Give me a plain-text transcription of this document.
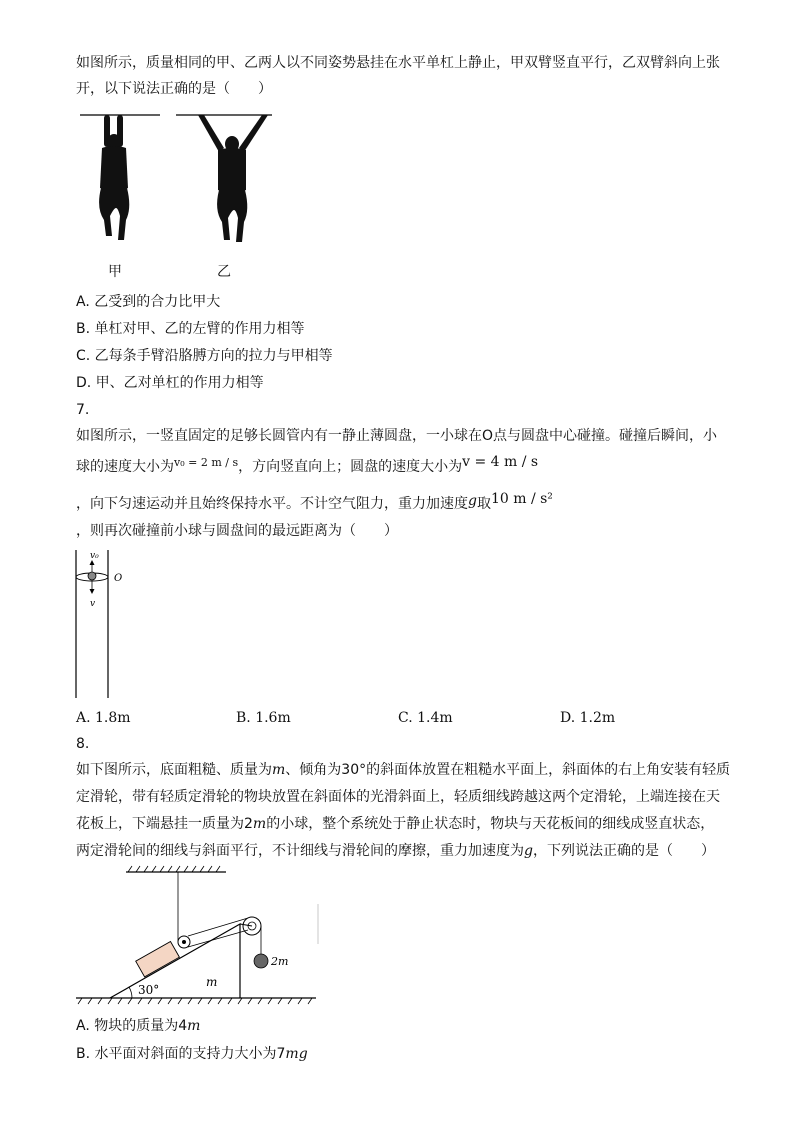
如图所示，质量相同的甲、乙两人以不同姿势悬挂在水平单杠上静止，甲双臂竖直平行，乙双臂斜向上张
开，以下说法正确的是（　　）
甲	乙
A. 乙受到的合力比甲大
B. 单杠对甲、乙的左臂的作用力相等
C. 乙每条手臂沿胳膊方向的拉力与甲相等
D. 甲、乙对单杠的作用力相等
7.
如图所示，一竖直固定的足够长圆管内有一静止薄圆盘，一小球在O点与圆盘中心碰撞。碰撞后瞬间，小
球的速度大小为$^{v_0 = 2 m / s}$，方向竖直向上；圆盘的速度大小为v = 4 m / s
，向下匀速运动并且始终保持水平。不计空气阻力，重力加速度g取10 m / s²
，则再次碰撞前小球与圆盘间的最远距离为（　　）
v₀
v
O
A. 1.8m	B. 1.6m	C. 1.4m	D. 1.2m
8.
如下图所示，底面粗糙、质量为m、倾角为30°的斜面体放置在粗糙水平面上，斜面体的右上角安装有轻质
定滑轮，带有轻质定滑轮的物块放置在斜面体的光滑斜面上，轻质细线跨越这两个定滑轮，上端连接在天
花板上，下端悬挂一质量为2m的小球，整个系统处于静止状态时，物块与天花板间的细线成竖直状态，
两定滑轮间的细线与斜面平行，不计细线与滑轮间的摩擦，重力加速度为g，下列说法正确的是（　　）
30°
m
2m
A. 物块的质量为4m
B. 水平面对斜面的支持力大小为7mg
